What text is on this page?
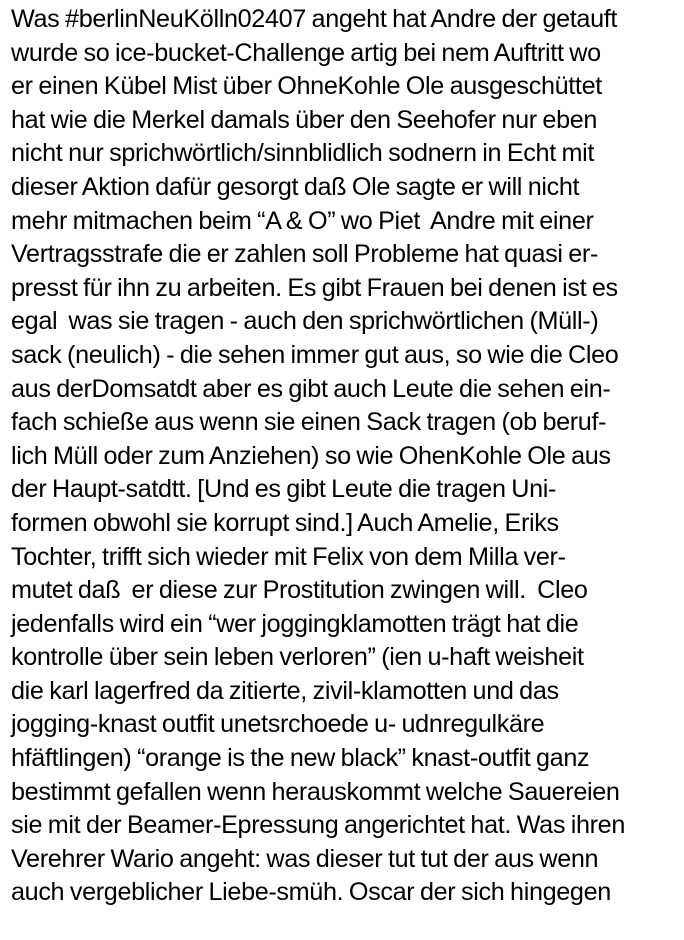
Was #berlinNeuKölln02407 angeht hat Andre der getauft
wurde so ice-bucket-Challenge artig bei nem Auftritt wo
er einen Kübel Mist über OhneKohle Ole ausgeschüttet
hat wie die Merkel damals über den Seehofer nur eben
nicht nur sprichwörtlich/sinnblidlich sodnern in Echt mit
dieser Aktion dafür gesorgt daß Ole sagte er will nicht
mehr mitmachen beim “A & O” wo Piet  Andre mit einer
Vertragsstrafe die er zahlen soll Probleme hat quasi er-
presst für ihn zu arbeiten. Es gibt Frauen bei denen ist es
egal  was sie tragen - auch den sprichwörtlichen (Müll-)
sack (neulich) - die sehen immer gut aus, so wie die Cleo
aus derDomsatdt aber es gibt auch Leute die sehen ein-
fach schieße aus wenn sie einen Sack tragen (ob beruf-
lich Müll oder zum Anziehen) so wie OhenKohle Ole aus
der Haupt-satdtt. [Und es gibt Leute die tragen Uni-
formen obwohl sie korrupt sind.] Auch Amelie, Eriks
Tochter, trifft sich wieder mit Felix von dem Milla ver-
mutet daß  er diese zur Prostitution zwingen will.  Cleo
jedenfalls wird ein “wer joggingklamotten trägt hat die
kontrolle über sein leben verloren” (ien u-haft weisheit
die karl lagerfred da zitierte, zivil-klamotten und das
jogging-knast outfit unetsrchoede u- udnregulkäre
hfäftlingen) “orange is the new black” knast-outfit ganz
bestimmt gefallen wenn herauskommt welche Sauereien
sie mit der Beamer-Epressung angerichtet hat. Was ihren
Verehrer Wario angeht: was dieser tut tut der aus wenn
auch vergeblicher Liebe-smüh. Oscar der sich hingegen
